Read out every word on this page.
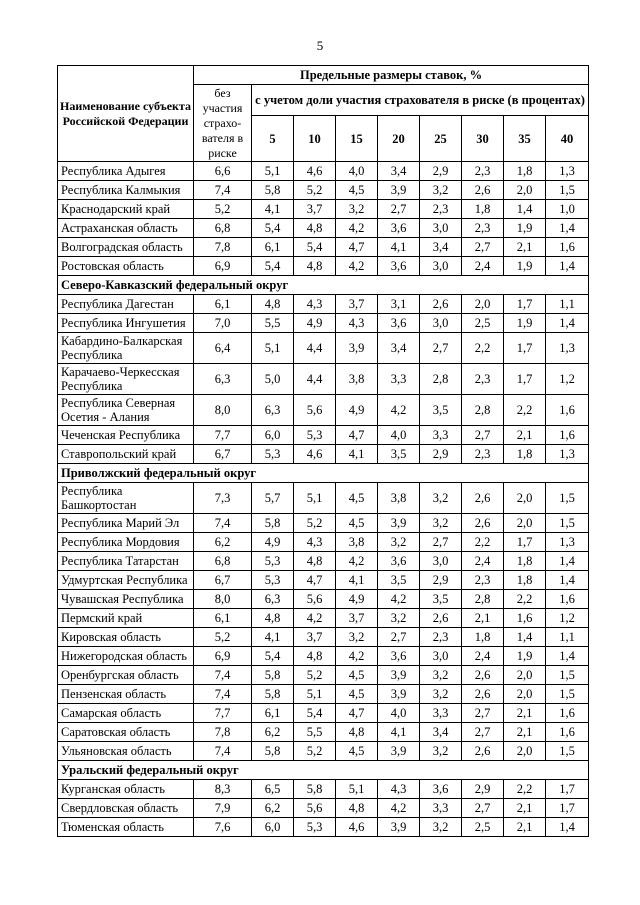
5
Наименование субъекта Российской Федерации	Предельные размеры ставок, %								
	без участия страхо-вателя в риске	с учетом доли участия страхователя в риске (в процентах)							
		5	10	15	20	25	30	35	40
Республика Адыгея	6,6	5,1	4,6	4,0	3,4	2,9	2,3	1,8	1,3
Республика Калмыкия	7,4	5,8	5,2	4,5	3,9	3,2	2,6	2,0	1,5
Краснодарский край	5,2	4,1	3,7	3,2	2,7	2,3	1,8	1,4	1,0
Астраханская область	6,8	5,4	4,8	4,2	3,6	3,0	2,3	1,9	1,4
Волгоградская область	7,8	6,1	5,4	4,7	4,1	3,4	2,7	2,1	1,6
Ростовская область	6,9	5,4	4,8	4,2	3,6	3,0	2,4	1,9	1,4
Северо-Кавказский федеральный округ									
Республика Дагестан	6,1	4,8	4,3	3,7	3,1	2,6	2,0	1,7	1,1
Республика Ингушетия	7,0	5,5	4,9	4,3	3,6	3,0	2,5	1,9	1,4
Кабардино-Балкарская Республика	6,4	5,1	4,4	3,9	3,4	2,7	2,2	1,7	1,3
Карачаево-Черкесская Республика	6,3	5,0	4,4	3,8	3,3	2,8	2,3	1,7	1,2
Республика Северная Осетия - Алания	8,0	6,3	5,6	4,9	4,2	3,5	2,8	2,2	1,6
Чеченская Республика	7,7	6,0	5,3	4,7	4,0	3,3	2,7	2,1	1,6
Ставропольский край	6,7	5,3	4,6	4,1	3,5	2,9	2,3	1,8	1,3
Приволжский федеральный округ									
Республика Башкортостан	7,3	5,7	5,1	4,5	3,8	3,2	2,6	2,0	1,5
Республика Марий Эл	7,4	5,8	5,2	4,5	3,9	3,2	2,6	2,0	1,5
Республика Мордовия	6,2	4,9	4,3	3,8	3,2	2,7	2,2	1,7	1,3
Республика Татарстан	6,8	5,3	4,8	4,2	3,6	3,0	2,4	1,8	1,4
Удмуртская Республика	6,7	5,3	4,7	4,1	3,5	2,9	2,3	1,8	1,4
Чувашская Республика	8,0	6,3	5,6	4,9	4,2	3,5	2,8	2,2	1,6
Пермский край	6,1	4,8	4,2	3,7	3,2	2,6	2,1	1,6	1,2
Кировская область	5,2	4,1	3,7	3,2	2,7	2,3	1,8	1,4	1,1
Нижегородская область	6,9	5,4	4,8	4,2	3,6	3,0	2,4	1,9	1,4
Оренбургская область	7,4	5,8	5,2	4,5	3,9	3,2	2,6	2,0	1,5
Пензенская область	7,4	5,8	5,1	4,5	3,9	3,2	2,6	2,0	1,5
Самарская область	7,7	6,1	5,4	4,7	4,0	3,3	2,7	2,1	1,6
Саратовская область	7,8	6,2	5,5	4,8	4,1	3,4	2,7	2,1	1,6
Ульяновская область	7,4	5,8	5,2	4,5	3,9	3,2	2,6	2,0	1,5
Уральский федеральный округ									
Курганская область	8,3	6,5	5,8	5,1	4,3	3,6	2,9	2,2	1,7
Свердловская область	7,9	6,2	5,6	4,8	4,2	3,3	2,7	2,1	1,7
Тюменская область	7,6	6,0	5,3	4,6	3,9	3,2	2,5	2,1	1,4
